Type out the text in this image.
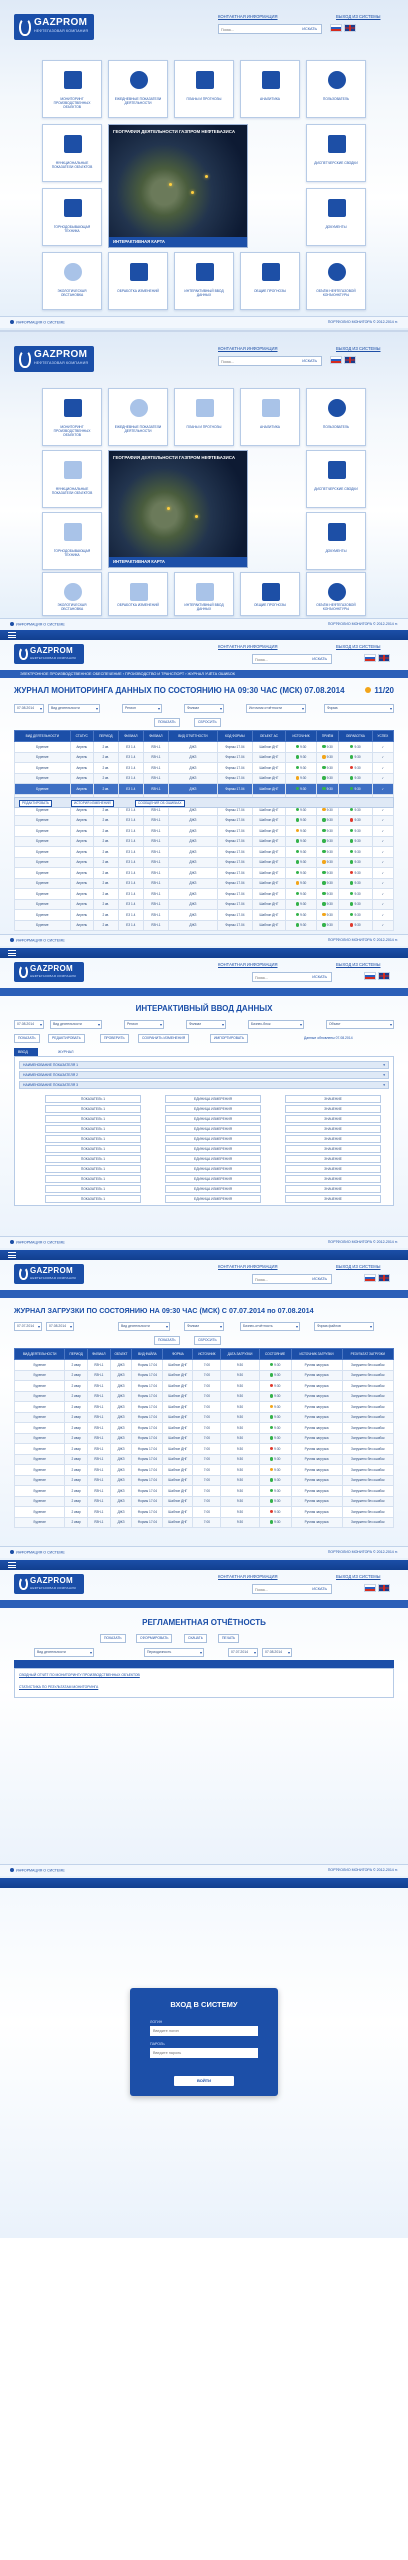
GAZPROM
НЕФТЕГАЗОВАЯ КОМПАНИЯ
КОНТАКТНАЯ ИНФОРМАЦИЯ	ВЫХОД ИЗ СИСТЕМЫ
Поиск...
ИСКАТЬ
МОНИТОРИНГ ПРОИЗВОДСТВЕННЫХ ОБЪЕКТОВ
ЕЖЕДНЕВНЫЕ ПОКАЗАТЕЛИ ДЕЯТЕЛЬНОСТИ
ПЛАНЫ И ПРОГНОЗЫ	АНАЛИТИКА	ПОЛЬЗОВАТЕЛЬ
ФУНКЦИОНАЛЬНЫЕ ПОКАЗАТЕЛИ ОБЪЕКТОВ
ГЕОГРАФИЯ ДЕЯТЕЛЬНОСТИ ГАЗПРОМ НЕФТЕБАЗИСА
ИНТЕРАКТИВНАЯ КАРТА
ДИСПЕТЧЕРСКИЕ СВОДКИ
ГОРНОДОБЫВАЮЩАЯ ТЕХНИКА
ДОКУМЕНТЫ
ЭКОЛОГИЧЕСКАЯ ОБСТАНОВКА
ОБРАБОТКА ИЗМЕНЕНИЙ	ИНТЕРАКТИВНЫЙ ВВОД ДАННЫХ
ОБЩИЕ ПРОГНОЗЫ	ОБЪЁМ НЕФТЕГАЗОВОЙ КОНЪЮНКТУРЫ
ИНФОРМАЦИЯ О СИСТЕМЕ	ПОРТФОЛИО МОНИТОРА © 2012-2014 гг.
GAZPROM
НЕФТЕГАЗОВАЯ КОМПАНИЯ
КОНТАКТНАЯ ИНФОРМАЦИЯ	ВЫХОД ИЗ СИСТЕМЫ
Поиск...
ИСКАТЬ
МОНИТОРИНГ ПРОИЗВОДСТВЕННЫХ ОБЪЕКТОВ
ЕЖЕДНЕВНЫЕ ПОКАЗАТЕЛИ ДЕЯТЕЛЬНОСТИ
ПЛАНЫ И ПРОГНОЗЫ	АНАЛИТИКА	ПОЛЬЗОВАТЕЛЬ
ФУНКЦИОНАЛЬНЫЕ ПОКАЗАТЕЛИ ОБЪЕКТОВ
ГЕОГРАФИЯ ДЕЯТЕЛЬНОСТИ ГАЗПРОМ НЕФТЕБАЗИСА
ИНТЕРАКТИВНАЯ КАРТА
ДИСПЕТЧЕРСКИЕ СВОДКИ
ГОРНОДОБЫВАЮЩАЯ ТЕХНИКА
ДОКУМЕНТЫ
ЭКОЛОГИЧЕСКАЯ ОБСТАНОВКА
ОБРАБОТКА ИЗМЕНЕНИЙ	ИНТЕРАКТИВНЫЙ ВВОД ДАННЫХ
ОБЩИЕ ПРОГНОЗЫ	ОБЪЁМ НЕФТЕГАЗОВОЙ КОНЪЮНКТУРЫ
ИНФОРМАЦИЯ О СИСТЕМЕ	ПОРТФОЛИО МОНИТОРА © 2012-2014 гг.
GAZPROM
НЕФТЕГАЗОВАЯ КОМПАНИЯ
КОНТАКТНАЯ ИНФОРМАЦИЯ	ВЫХОД ИЗ СИСТЕМЫ
Поиск...
ИСКАТЬ
ЭЛЕКТРОННОЕ ПРОИЗВОДСТВЕННОЕ ОБЕСПЕЧЕНИЕ › ПРОИЗВОДСТВО И ТРАНСПОРТ › ЖУРНАЛ УЧЁТА ОШИБОК
ЖУРНАЛ МОНИТОРИНГА ДАННЫХ ПО СОСТОЯНИЮ НА 09:30 ЧАС (МСК) 07.08.2014	11/20
07.08.2014 ▾	Вид деятельности ▾	Регион ▾	Филиал ▾	Источник отчётности ▾	Форма ▾
ПОКАЗАТЬ	СБРОСИТЬ
ВИД ДЕЯТЕЛЬНОСТИ	СТАТУС	ПЕРИОД	ФИЛИАЛ	ФИЛИАЛ	ВИД ОТЧЁТНОСТИ	КОД ФОРМЫ	ОБЪЕКТ АС	ИСТОЧНИК	ПРИЁМ	ОБРАБОТКА	УСПЕХ
Бурение	Апрель	2 кв.	ЕЗ 1.4	ЯЗН-1	ДЖЗ	Формы 17.04	Шаблон ДНГ	9:30	9:30	9:30	✓
Бурение	Апрель	2 кв.	ЕЗ 1.4	ЯЗН-1	ДЖЗ	Формы 17.04	Шаблон ДНГ	9:30	9:30	9:30	✓
Бурение	Апрель	2 кв.	ЕЗ 1.4	ЯЗН-1	ДЖЗ	Формы 17.04	Шаблон ДНГ	9:30	9:30	9:30	✓
Бурение	Апрель	2 кв.	ЕЗ 1.4	ЯЗН-1	ДЖЗ	Формы 17.04	Шаблон ДНГ	9:30	9:30	9:30	✓
Бурение	Апрель	2 кв.	ЕЗ 1.4	ЯЗН-1	ДЖЗ	Формы 17.04	Шаблон ДНГ	9:30	9:30	9:30	✓

Бурение	Апрель	2 кв.	ЕЗ 1.4	ЯЗН-1	ДЖЗ	Формы 17.04	Шаблон ДНГ	9:30	9:30	9:30	✓
Бурение	Апрель	2 кв.	ЕЗ 1.4	ЯЗН-1	ДЖЗ	Формы 17.04	Шаблон ДНГ	9:30	9:30	9:30	✓
Бурение	Апрель	2 кв.	ЕЗ 1.4	ЯЗН-1	ДЖЗ	Формы 17.04	Шаблон ДНГ	9:30	9:30	9:30	✓
Бурение	Апрель	2 кв.	ЕЗ 1.4	ЯЗН-1	ДЖЗ	Формы 17.04	Шаблон ДНГ	9:30	9:30	9:30	✓
Бурение	Апрель	2 кв.	ЕЗ 1.4	ЯЗН-1	ДЖЗ	Формы 17.04	Шаблон ДНГ	9:30	9:30	9:30	✓
Бурение	Апрель	2 кв.	ЕЗ 1.4	ЯЗН-1	ДЖЗ	Формы 17.04	Шаблон ДНГ	9:30	9:30	9:30	✓
Бурение	Апрель	2 кв.	ЕЗ 1.4	ЯЗН-1	ДЖЗ	Формы 17.04	Шаблон ДНГ	9:30	9:30	9:30	✓
Бурение	Апрель	2 кв.	ЕЗ 1.4	ЯЗН-1	ДЖЗ	Формы 17.04	Шаблон ДНГ	9:30	9:30	9:30	✓
Бурение	Апрель	2 кв.	ЕЗ 1.4	ЯЗН-1	ДЖЗ	Формы 17.04	Шаблон ДНГ	9:30	9:30	9:30	✓
Бурение	Апрель	2 кв.	ЕЗ 1.4	ЯЗН-1	ДЖЗ	Формы 17.04	Шаблон ДНГ	9:30	9:30	9:30	✓
Бурение	Апрель	2 кв.	ЕЗ 1.4	ЯЗН-1	ДЖЗ	Формы 17.04	Шаблон ДНГ	9:30	9:30	9:30	✓
Бурение	Апрель	2 кв.	ЕЗ 1.4	ЯЗН-1	ДЖЗ	Формы 17.04	Шаблон ДНГ	9:30	9:30	9:30	✓
ИНФОРМАЦИЯ О СИСТЕМЕ	ПОРТФОЛИО МОНИТОРА © 2012-2014 гг.
РЕДАКТИРОВАТЬ	ИСТОРИЯ ИЗМЕНЕНИЙ	СООБЩЕНИЯ ОБ ОШИБКАХ
GAZPROM
НЕФТЕГАЗОВАЯ КОМПАНИЯ
КОНТАКТНАЯ ИНФОРМАЦИЯ	ВЫХОД ИЗ СИСТЕМЫ
Поиск...
ИСКАТЬ
ИНТЕРАКТИВНЫЙ ВВОД ДАННЫХ
07.08.2014 ▾	Вид деятельности ▾	Регион ▾	Филиал ▾	Бизнес-блок ▾	Объект ▾
ПОКАЗАТЬ	РЕДАКТИРОВАТЬ	ПРОВЕРИТЬ	СОХРАНИТЬ ИЗМЕНЕНИЯ	ИМПОРТИРОВАТЬ	Данные обновлены 07.08.2014
ВВОД	ЖУРНАЛ
НАИМЕНОВАНИЕ ПОКАЗАТЕЛЯ 1 ▾
НАИМЕНОВАНИЕ ПОКАЗАТЕЛЯ 2 ▾
НАИМЕНОВАНИЕ ПОКАЗАТЕЛЯ 3 ▾
ПОКАЗАТЕЛЬ 1	ЕДИНИЦА ИЗМЕРЕНИЯ	ЗНАЧЕНИЕ
ПОКАЗАТЕЛЬ 1	ЕДИНИЦА ИЗМЕРЕНИЯ	ЗНАЧЕНИЕ
ПОКАЗАТЕЛЬ 1	ЕДИНИЦА ИЗМЕРЕНИЯ	ЗНАЧЕНИЕ
ПОКАЗАТЕЛЬ 1	ЕДИНИЦА ИЗМЕРЕНИЯ	ЗНАЧЕНИЕ
ПОКАЗАТЕЛЬ 1	ЕДИНИЦА ИЗМЕРЕНИЯ	ЗНАЧЕНИЕ
ПОКАЗАТЕЛЬ 1	ЕДИНИЦА ИЗМЕРЕНИЯ	ЗНАЧЕНИЕ
ПОКАЗАТЕЛЬ 1	ЕДИНИЦА ИЗМЕРЕНИЯ	ЗНАЧЕНИЕ
ПОКАЗАТЕЛЬ 1	ЕДИНИЦА ИЗМЕРЕНИЯ	ЗНАЧЕНИЕ
ПОКАЗАТЕЛЬ 1	ЕДИНИЦА ИЗМЕРЕНИЯ	ЗНАЧЕНИЕ
ПОКАЗАТЕЛЬ 1	ЕДИНИЦА ИЗМЕРЕНИЯ	ЗНАЧЕНИЕ
ПОКАЗАТЕЛЬ 1	ЕДИНИЦА ИЗМЕРЕНИЯ	ЗНАЧЕНИЕ
ИНФОРМАЦИЯ О СИСТЕМЕ	ПОРТФОЛИО МОНИТОРА © 2012-2014 гг.
GAZPROM
НЕФТЕГАЗОВАЯ КОМПАНИЯ
КОНТАКТНАЯ ИНФОРМАЦИЯ	ВЫХОД ИЗ СИСТЕМЫ
Поиск...
ИСКАТЬ
ЖУРНАЛ ЗАГРУЗКИ ПО СОСТОЯНИЮ НА 09:30 ЧАС (МСК) С 07.07.2014 по 07.08.2014
07.07.2014 ▾	07.08.2014 ▾	Вид деятельности ▾	Филиал ▾	Бизнес-отчётность ▾	Форма файлов ▾
ПОКАЗАТЬ	СБРОСИТЬ
ВИД ДЕЯТЕЛЬНОСТИ	ПЕРИОД	ФИЛИАЛ	ОБЪЕКТ	ВИД ФАЙЛА	ФОРМА	ИСТОЧНИК	ДАТА ЗАГРУЗКИ	СОСТОЯНИЕ	ИСТОЧНИК ЗАГРУЗКИ	РЕЗУЛЬТАТ ЗАГРУЗКИ
Бурение	2 квар	ЯЗН-1	ДЖЗ	Формы 17.04	Шаблон ДНГ	7:00	9:30	9:30	Ручная загрузка	Загружено без ошибок
Бурение	2 квар	ЯЗН-1	ДЖЗ	Формы 17.04	Шаблон ДНГ	7:00	9:30	9:30	Ручная загрузка	Загружено без ошибок
Бурение	2 квар	ЯЗН-1	ДЖЗ	Формы 17.04	Шаблон ДНГ	7:00	9:30	9:30	Ручная загрузка	Загружено без ошибок
Бурение	2 квар	ЯЗН-1	ДЖЗ	Формы 17.04	Шаблон ДНГ	7:00	9:30	9:30	Ручная загрузка	Загружено без ошибок
Бурение	2 квар	ЯЗН-1	ДЖЗ	Формы 17.04	Шаблон ДНГ	7:00	9:30	9:30	Ручная загрузка	Загружено без ошибок
Бурение	2 квар	ЯЗН-1	ДЖЗ	Формы 17.04	Шаблон ДНГ	7:00	9:30	9:30	Ручная загрузка	Загружено без ошибок
Бурение	2 квар	ЯЗН-1	ДЖЗ	Формы 17.04	Шаблон ДНГ	7:00	9:30	9:30	Ручная загрузка	Загружено без ошибок
Бурение	2 квар	ЯЗН-1	ДЖЗ	Формы 17.04	Шаблон ДНГ	7:00	9:30	9:30	Ручная загрузка	Загружено без ошибок
Бурение	2 квар	ЯЗН-1	ДЖЗ	Формы 17.04	Шаблон ДНГ	7:00	9:30	9:30	Ручная загрузка	Загружено без ошибок
Бурение	2 квар	ЯЗН-1	ДЖЗ	Формы 17.04	Шаблон ДНГ	7:00	9:30	9:30	Ручная загрузка	Загружено без ошибок
Бурение	2 квар	ЯЗН-1	ДЖЗ	Формы 17.04	Шаблон ДНГ	7:00	9:30	9:30	Ручная загрузка	Загружено без ошибок
Бурение	2 квар	ЯЗН-1	ДЖЗ	Формы 17.04	Шаблон ДНГ	7:00	9:30	9:30	Ручная загрузка	Загружено без ошибок
Бурение	2 квар	ЯЗН-1	ДЖЗ	Формы 17.04	Шаблон ДНГ	7:00	9:30	9:30	Ручная загрузка	Загружено без ошибок
Бурение	2 квар	ЯЗН-1	ДЖЗ	Формы 17.04	Шаблон ДНГ	7:00	9:30	9:30	Ручная загрузка	Загружено без ошибок
Бурение	2 квар	ЯЗН-1	ДЖЗ	Формы 17.04	Шаблон ДНГ	7:00	9:30	9:30	Ручная загрузка	Загружено без ошибок
Бурение	2 квар	ЯЗН-1	ДЖЗ	Формы 17.04	Шаблон ДНГ	7:00	9:30	9:30	Ручная загрузка	Загружено без ошибок
ИНФОРМАЦИЯ О СИСТЕМЕ	ПОРТФОЛИО МОНИТОРА © 2012-2014 гг.
GAZPROM
НЕФТЕГАЗОВАЯ КОМПАНИЯ
КОНТАКТНАЯ ИНФОРМАЦИЯ	ВЫХОД ИЗ СИСТЕМЫ
Поиск...
ИСКАТЬ
РЕГЛАМЕНТНАЯ ОТЧЁТНОСТЬ
ПОКАЗАТЬ	СФОРМИРОВАТЬ	СКАЧАТЬ	ПЕЧАТЬ
Вид деятельности ▾	Периодичность ▾	07.07.2014 ▾	07.08.2014 ▾
СВОДНЫЙ ОТЧЁТ ПО МОНИТОРИНГУ ПРОИЗВОДСТВЕННЫХ ОБЪЕКТОВ
СТАТИСТИКА ПО РЕЗУЛЬТАТАМ МОНИТОРИНГА
ИНФОРМАЦИЯ О СИСТЕМЕ	ПОРТФОЛИО МОНИТОРА © 2012-2014 гг.
ВХОД В СИСТЕМУ
ЛОГИН
Введите логин
ПАРОЛЬ
ВОЙТИ
